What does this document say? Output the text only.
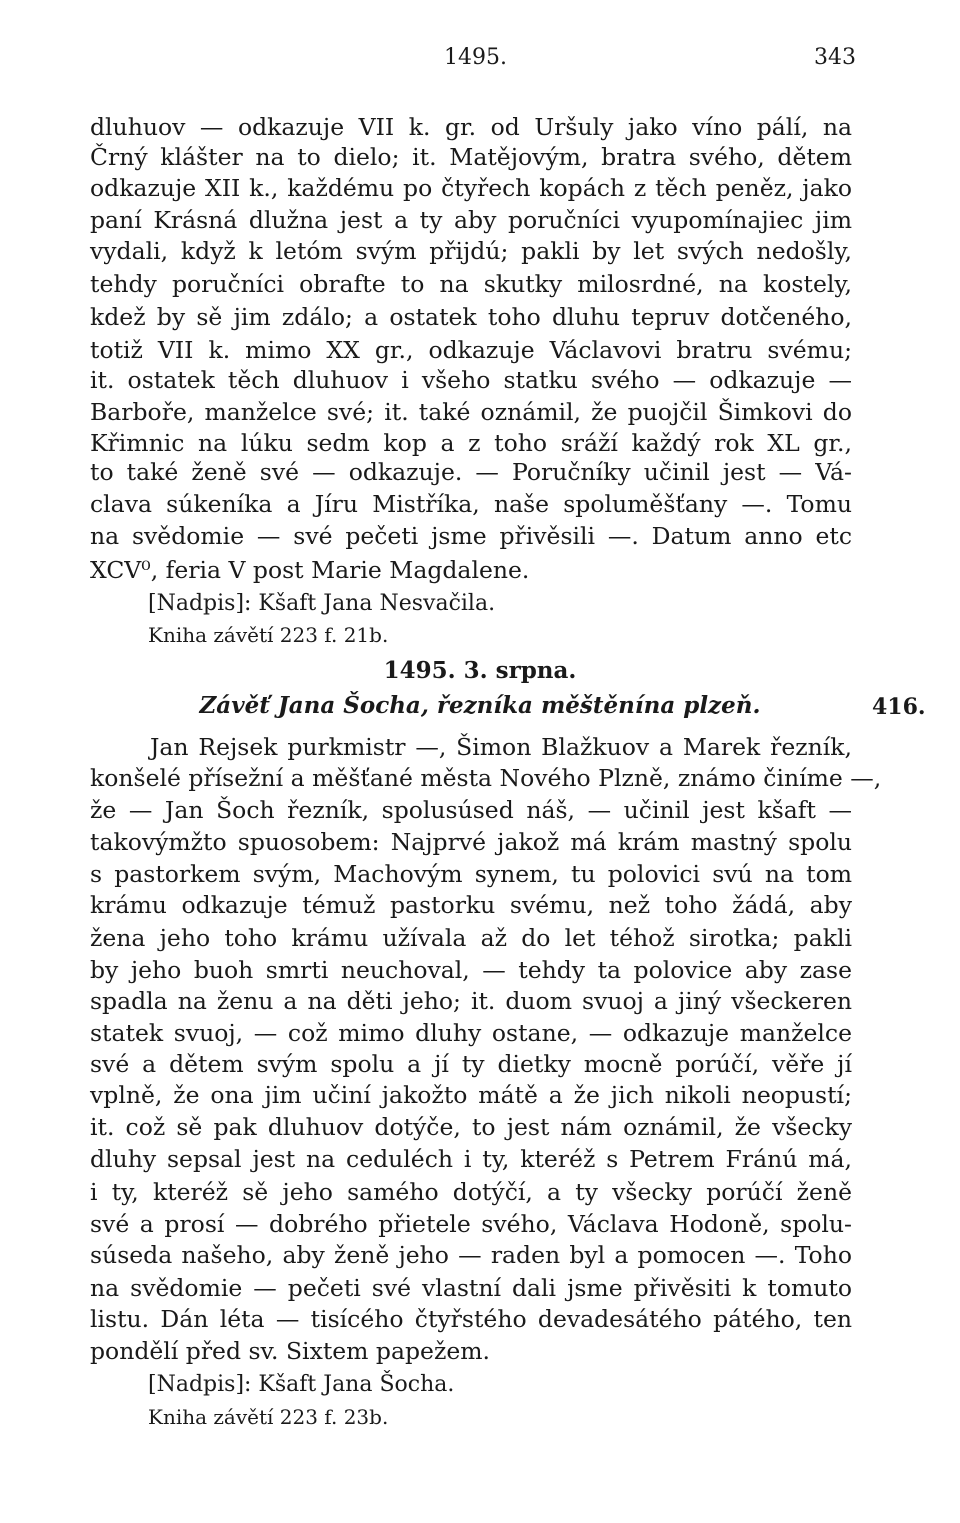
1495.	343
dluhuov — odkazuje VII k. gr. od Uršuly jako víno pálí, na
Črný klášter na to dielo; it. Matějovým, bratra svého, dětem
odkazuje XII k., každému po čtyřech kopách z těch peněz, jako
paní Krásná dlužna jest a ty aby poručníci vyupomínajiec jim
vydali, když k letóm svým přijdú; pakli by let svých nedošly,
tehdy poručníci obrafte to na skutky milosrdné, na kostely,
kdež by sě jim zdálo; a ostatek toho dluhu tepruv dotčeného,
totiž VII k. mimo XX gr., odkazuje Václavovi bratru svému;
it. ostatek těch dluhuov i všeho statku svého — odkazuje —
Barboře, manželce své; it. také oznámil, že puojčil Šimkovi do
Křimnic na lúku sedm kop a z toho sráží každý rok XL gr.,
to také ženě své — odkazuje. — Poručníky učinil jest — Vá-
clava súkeníka a Jíru Mistříka, naše spoluměšťany —. Tomu
na svědomie — své pečeti jsme přivěsili —. Datum anno etc
XCV⁰, feria V post Marie Magdalene.
[Nadpis]: Kšaft Jana Nesvačila.
Kniha závětí 223 f. 21b.
1495. 3. srpna.
Závěť Jana Šocha, řezníka měštěnína plzeň.	416.
Jan Rejsek purkmistr —, Šimon Blažkuov a Marek řezník,
konšelé přísežní a měšťané města Nového Plzně, známo činíme —,
že — Jan Šoch řezník, spolusúsed náš, — učinil jest kšaft —
takovýmžto spuosobem: Najprvé jakož má krám mastný spolu
s pastorkem svým, Machovým synem, tu polovici svú na tom
krámu odkazuje témuž pastorku svému, než toho žádá, aby
žena jeho toho krámu užívala až do let téhož sirotka; pakli
by jeho buoh smrti neuchoval, — tehdy ta polovice aby zase
spadla na ženu a na děti jeho; it. duom svuoj a jiný všeckeren
statek svuoj, — což mimo dluhy ostane, — odkazuje manželce
své a dětem svým spolu a jí ty dietky mocně porúčí, věře jí
vplně, že ona jim učiní jakožto mátě a že jich nikoli neopustí;
it. což sě pak dluhuov dotýče, to jest nám oznámil, že všecky
dluhy sepsal jest na ceduléch i ty, kteréž s Petrem Fránú má,
i ty, kteréž sě jeho samého dotýčí, a ty všecky porúčí ženě
své a prosí — dobrého přietele svého, Václava Hodoně, spolu-
súseda našeho, aby ženě jeho — raden byl a pomocen —. Toho
na svědomie — pečeti své vlastní dali jsme přivěsiti k tomuto
listu. Dán léta — tisícého čtyřstého devadesátého pátého, ten
pondělí před sv. Sixtem papežem.
[Nadpis]: Kšaft Jana Šocha.
Kniha závětí 223 f. 23b.
